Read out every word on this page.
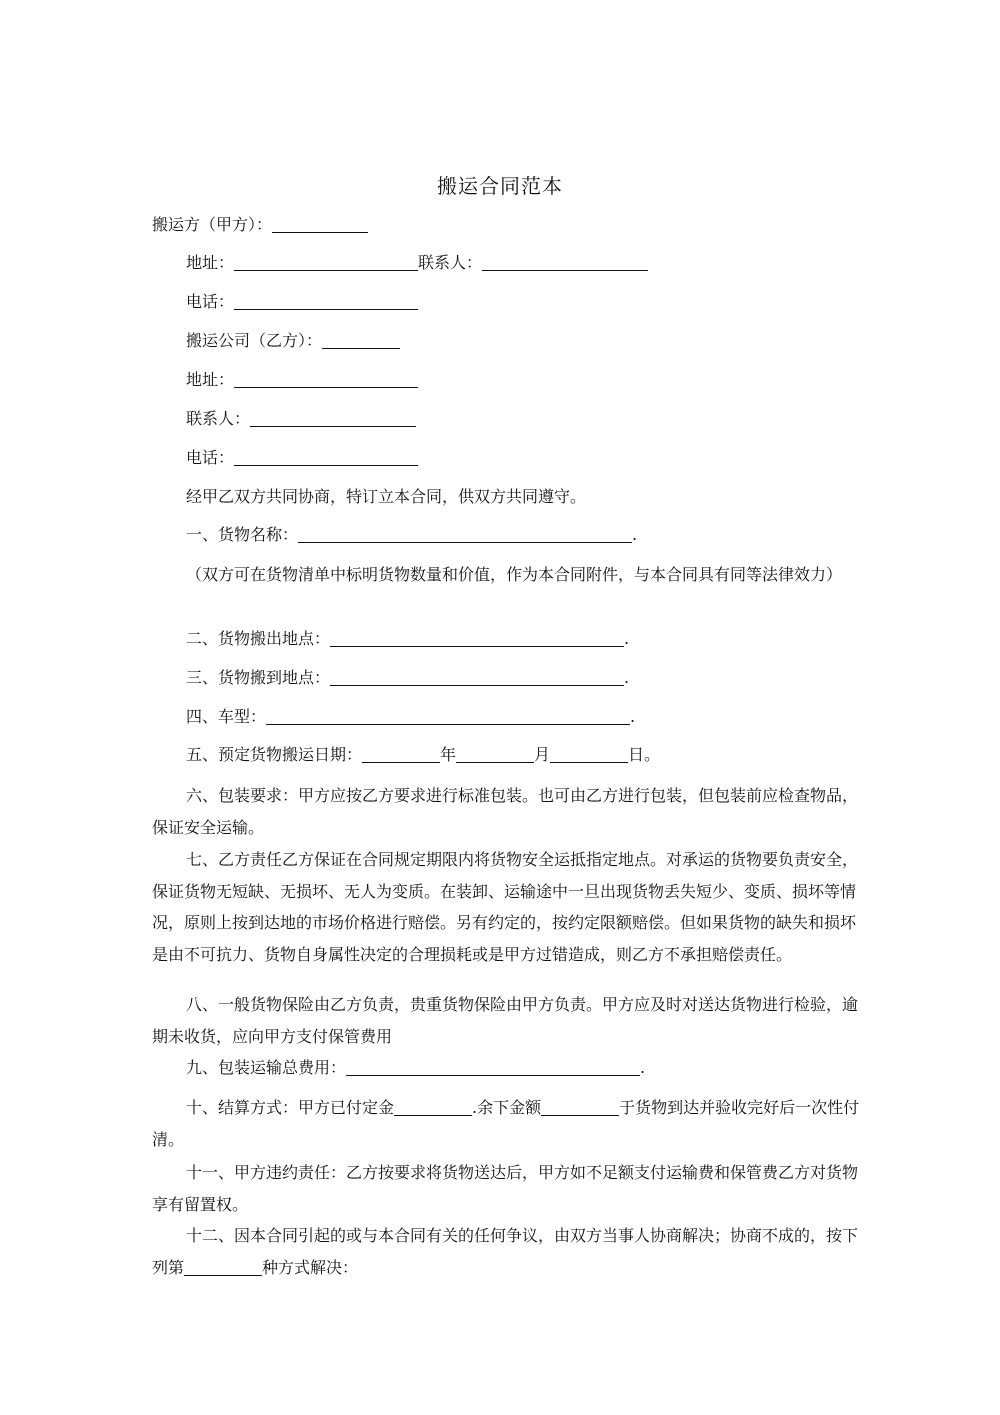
搬运合同范本
搬运方（甲方）：
地址：	联系人：
电话：
搬运公司（乙方）：
地址：
联系人：
电话：
经甲乙双方共同协商，特订立本合同，供双方共同遵守。
一、货物名称：	.
（双方可在货物清单中标明货物数量和价值，作为本合同附件，与本合同具有同等法律效力）
二、货物搬出地点：	.
三、货物搬到地点：	.
四、车型：	.
五、预定货物搬运日期：	年	月	日。
六、包装要求：甲方应按乙方要求进行标准包装。也可由乙方进行包装，但包装前应检查物品，保证安全运输。
七、乙方责任乙方保证在合同规定期限内将货物安全运抵指定地点。对承运的货物要负责安全，保证货物无短缺、无损坏、无人为变质。在装卸、运输途中一旦出现货物丢失短少、变质、损坏等情况，原则上按到达地的市场价格进行赔偿。另有约定的，按约定限额赔偿。但如果货物的缺失和损坏是由不可抗力、货物自身属性决定的合理损耗或是甲方过错造成，则乙方不承担赔偿责任。
八、一般货物保险由乙方负责，贵重货物保险由甲方负责。甲方应及时对送达货物进行检验，逾期未收货，应向甲方支付保管费用
九、包装运输总费用：	.
十、结算方式：甲方已付定金	.余下金额	于货物到达并验收完好后一次性付清。
十一、甲方违约责任：乙方按要求将货物送达后，甲方如不足额支付运输费和保管费乙方对货物享有留置权。
十二、因本合同引起的或与本合同有关的任何争议，由双方当事人协商解决；协商不成的，按下列第	种方式解决：
